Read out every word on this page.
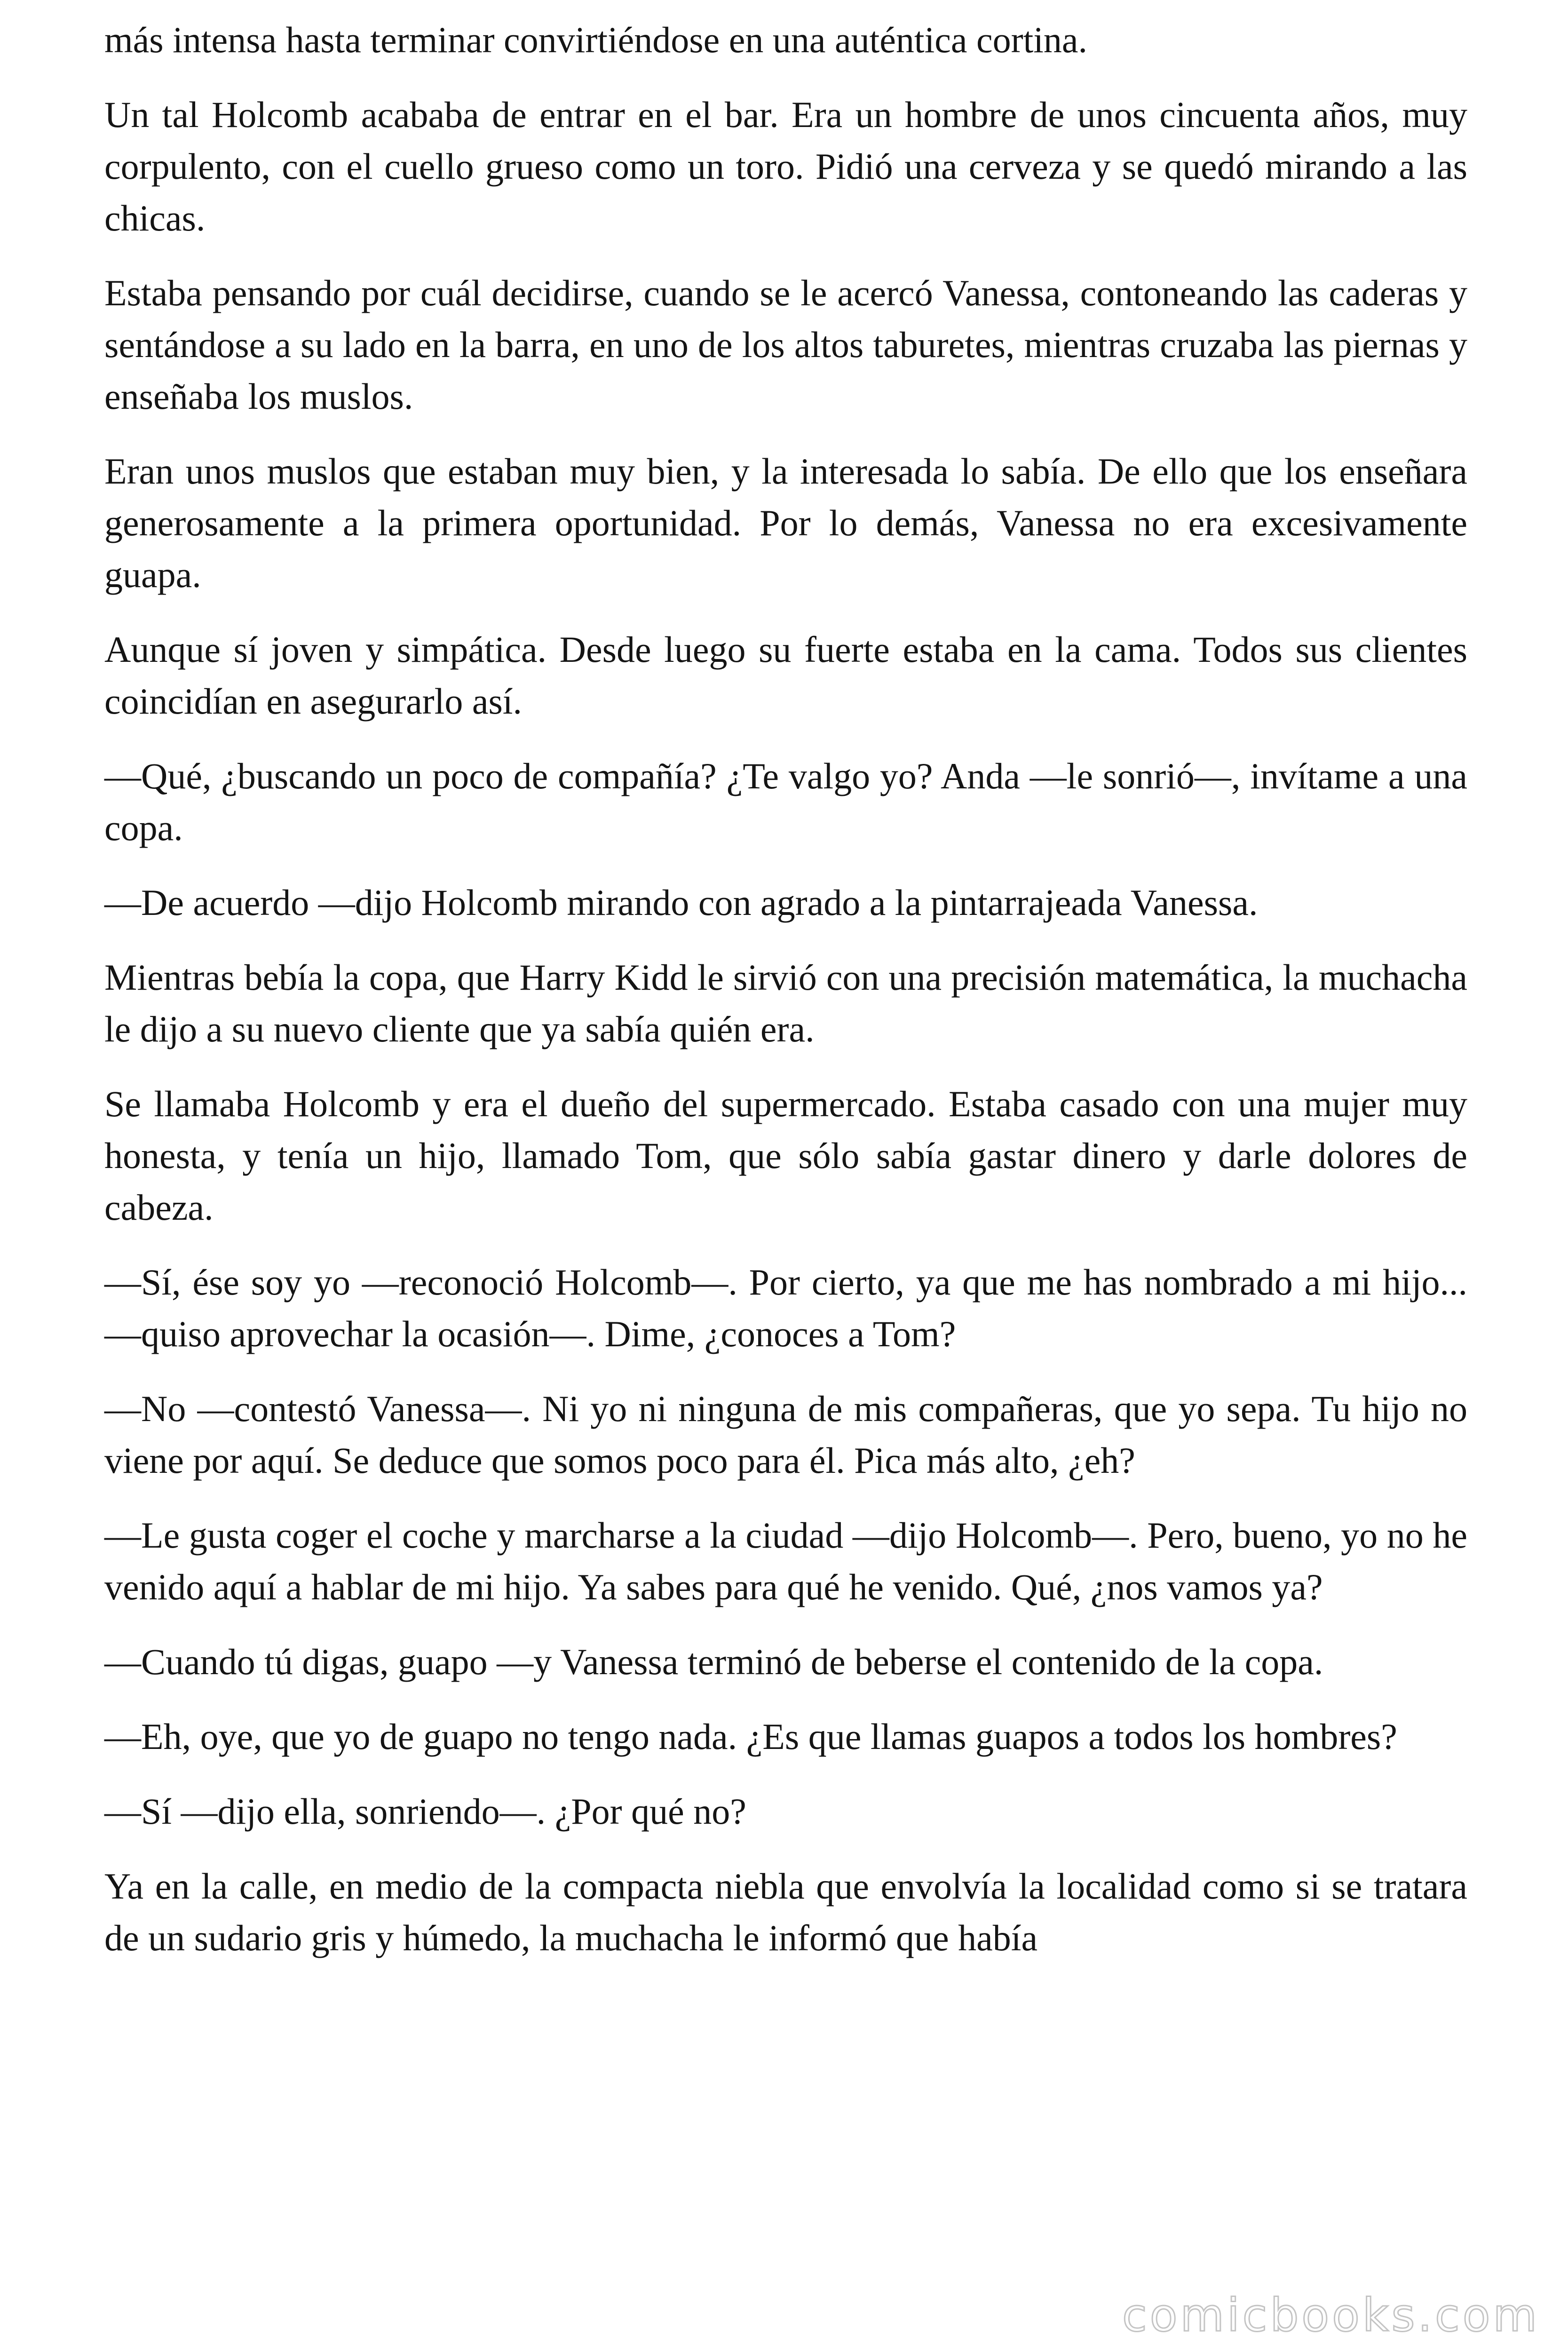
más intensa hasta terminar convirtiéndose en una auténtica cortina.

Un tal Holcomb acababa de entrar en el bar. Era un hombre de unos cincuenta años, muy corpulento, con el cuello grueso como un toro. Pidió una cerveza y se quedó mirando a las chicas.

Estaba pensando por cuál decidirse, cuando se le acercó Vanessa, contoneando las caderas y sentándose a su lado en la barra, en uno de los altos taburetes, mientras cruzaba las piernas y enseñaba los muslos.

Eran unos muslos que estaban muy bien, y la interesada lo sabía. De ello que los enseñara generosamente a la primera oportunidad. Por lo demás, Vanessa no era excesivamente guapa.

Aunque sí joven y simpática. Desde luego su fuerte estaba en la cama. Todos sus clientes coincidían en asegurarlo así.

—Qué, ¿buscando un poco de compañía? ¿Te valgo yo? Anda —le sonrió—, invítame a una copa.

—De acuerdo —dijo Holcomb mirando con agrado a la pintarrajeada Vanessa.

Mientras bebía la copa, que Harry Kidd le sirvió con una precisión matemática, la muchacha le dijo a su nuevo cliente que ya sabía quién era.

Se llamaba Holcomb y era el dueño del supermercado. Estaba casado con una mujer muy honesta, y tenía un hijo, llamado Tom, que sólo sabía gastar dinero y darle dolores de cabeza.

—Sí, ése soy yo —reconoció Holcomb—. Por cierto, ya que me has nombrado a mi hijo... —quiso aprovechar la ocasión—. Dime, ¿conoces a Tom?

—No —contestó Vanessa—. Ni yo ni ninguna de mis compañeras, que yo sepa. Tu hijo no viene por aquí. Se deduce que somos poco para él. Pica más alto, ¿eh?

—Le gusta coger el coche y marcharse a la ciudad —dijo Holcomb—. Pero, bueno, yo no he venido aquí a hablar de mi hijo. Ya sabes para qué he venido. Qué, ¿nos vamos ya?

—Cuando tú digas, guapo —y Vanessa terminó de beberse el contenido de la copa.

—Eh, oye, que yo de guapo no tengo nada. ¿Es que llamas guapos a todos los hombres?

—Sí —dijo ella, sonriendo—. ¿Por qué no?

Ya en la calle, en medio de la compacta niebla que envolvía la localidad como si se tratara de un sudario gris y húmedo, la muchacha le informó que había

comicbooks.com
